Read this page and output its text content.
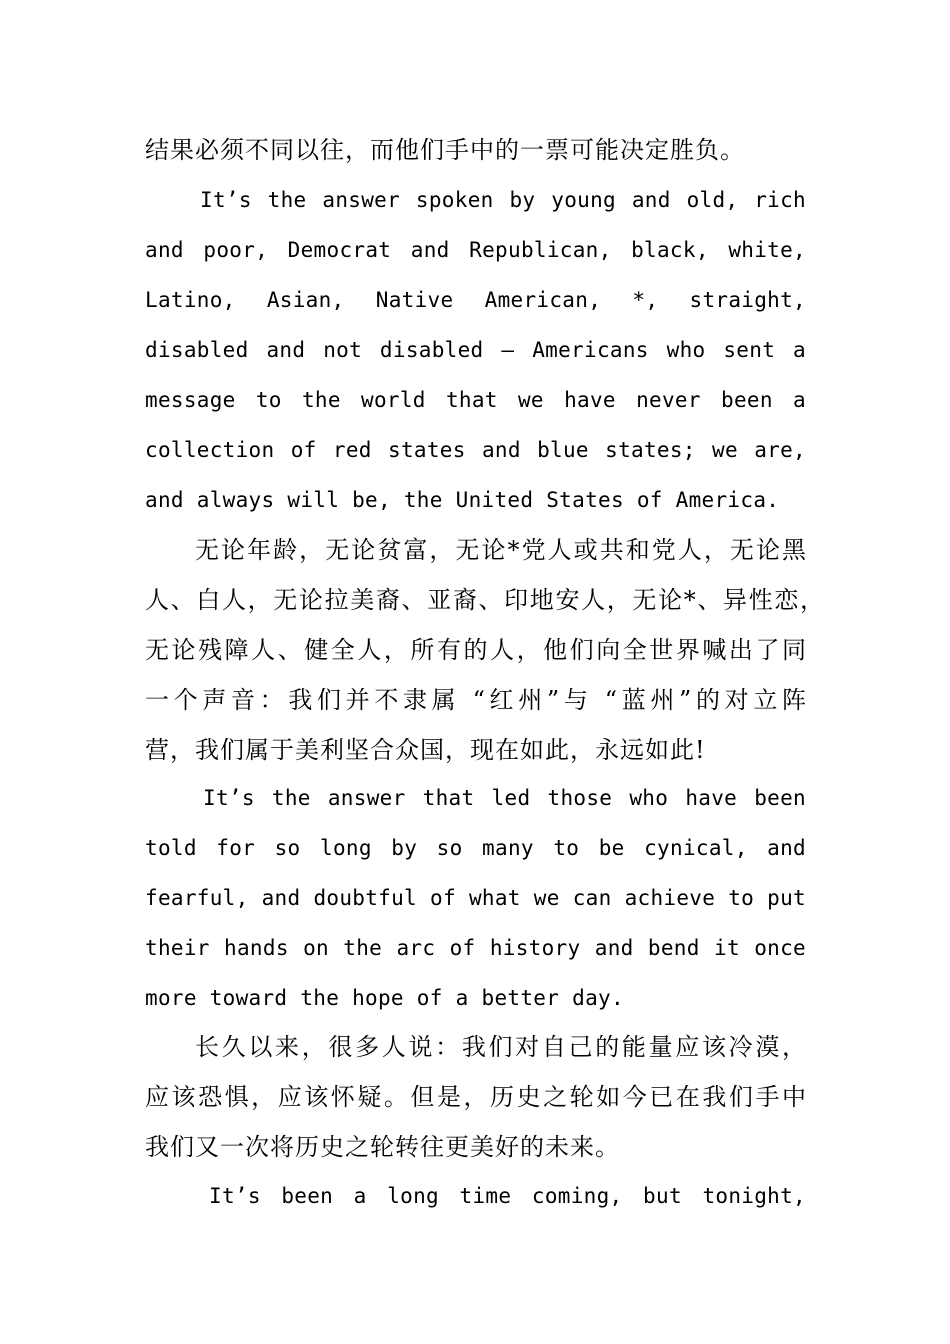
结果必须不同以往，而他们手中的一票可能决定胜负。
It’s the answer spoken by young and old, rich
and poor, Democrat and Republican, black, white,
Latino, Asian, Native American, *, straight,
disabled and not disabled — Americans who sent a
message to the world that we have never been a
collection of red states and blue states; we are,
and always will be, the United States of America.
无论年龄，无论贫富，无论*党人或共和党人，无论黑
人、白人，无论拉美裔、亚裔、印地安人，无论*、异性恋，
无论残障人、健全人，所有的人，他们向全世界喊出了同
一个声音：我们并不隶属 “红州”与 “蓝州”的对立阵
营，我们属于美利坚合众国，现在如此，永远如此!
It’s the answer that led those who have been
told for so long by so many to be cynical, and
fearful, and doubtful of what we can achieve to put
their hands on the arc of history and bend it once
more toward the hope of a better day.
长久以来，很多人说：我们对自己的能量应该冷漠，
应该恐惧，应该怀疑。但是，历史之轮如今已在我们手中
我们又一次将历史之轮转往更美好的未来。
It’s been a long time coming, but tonight,
